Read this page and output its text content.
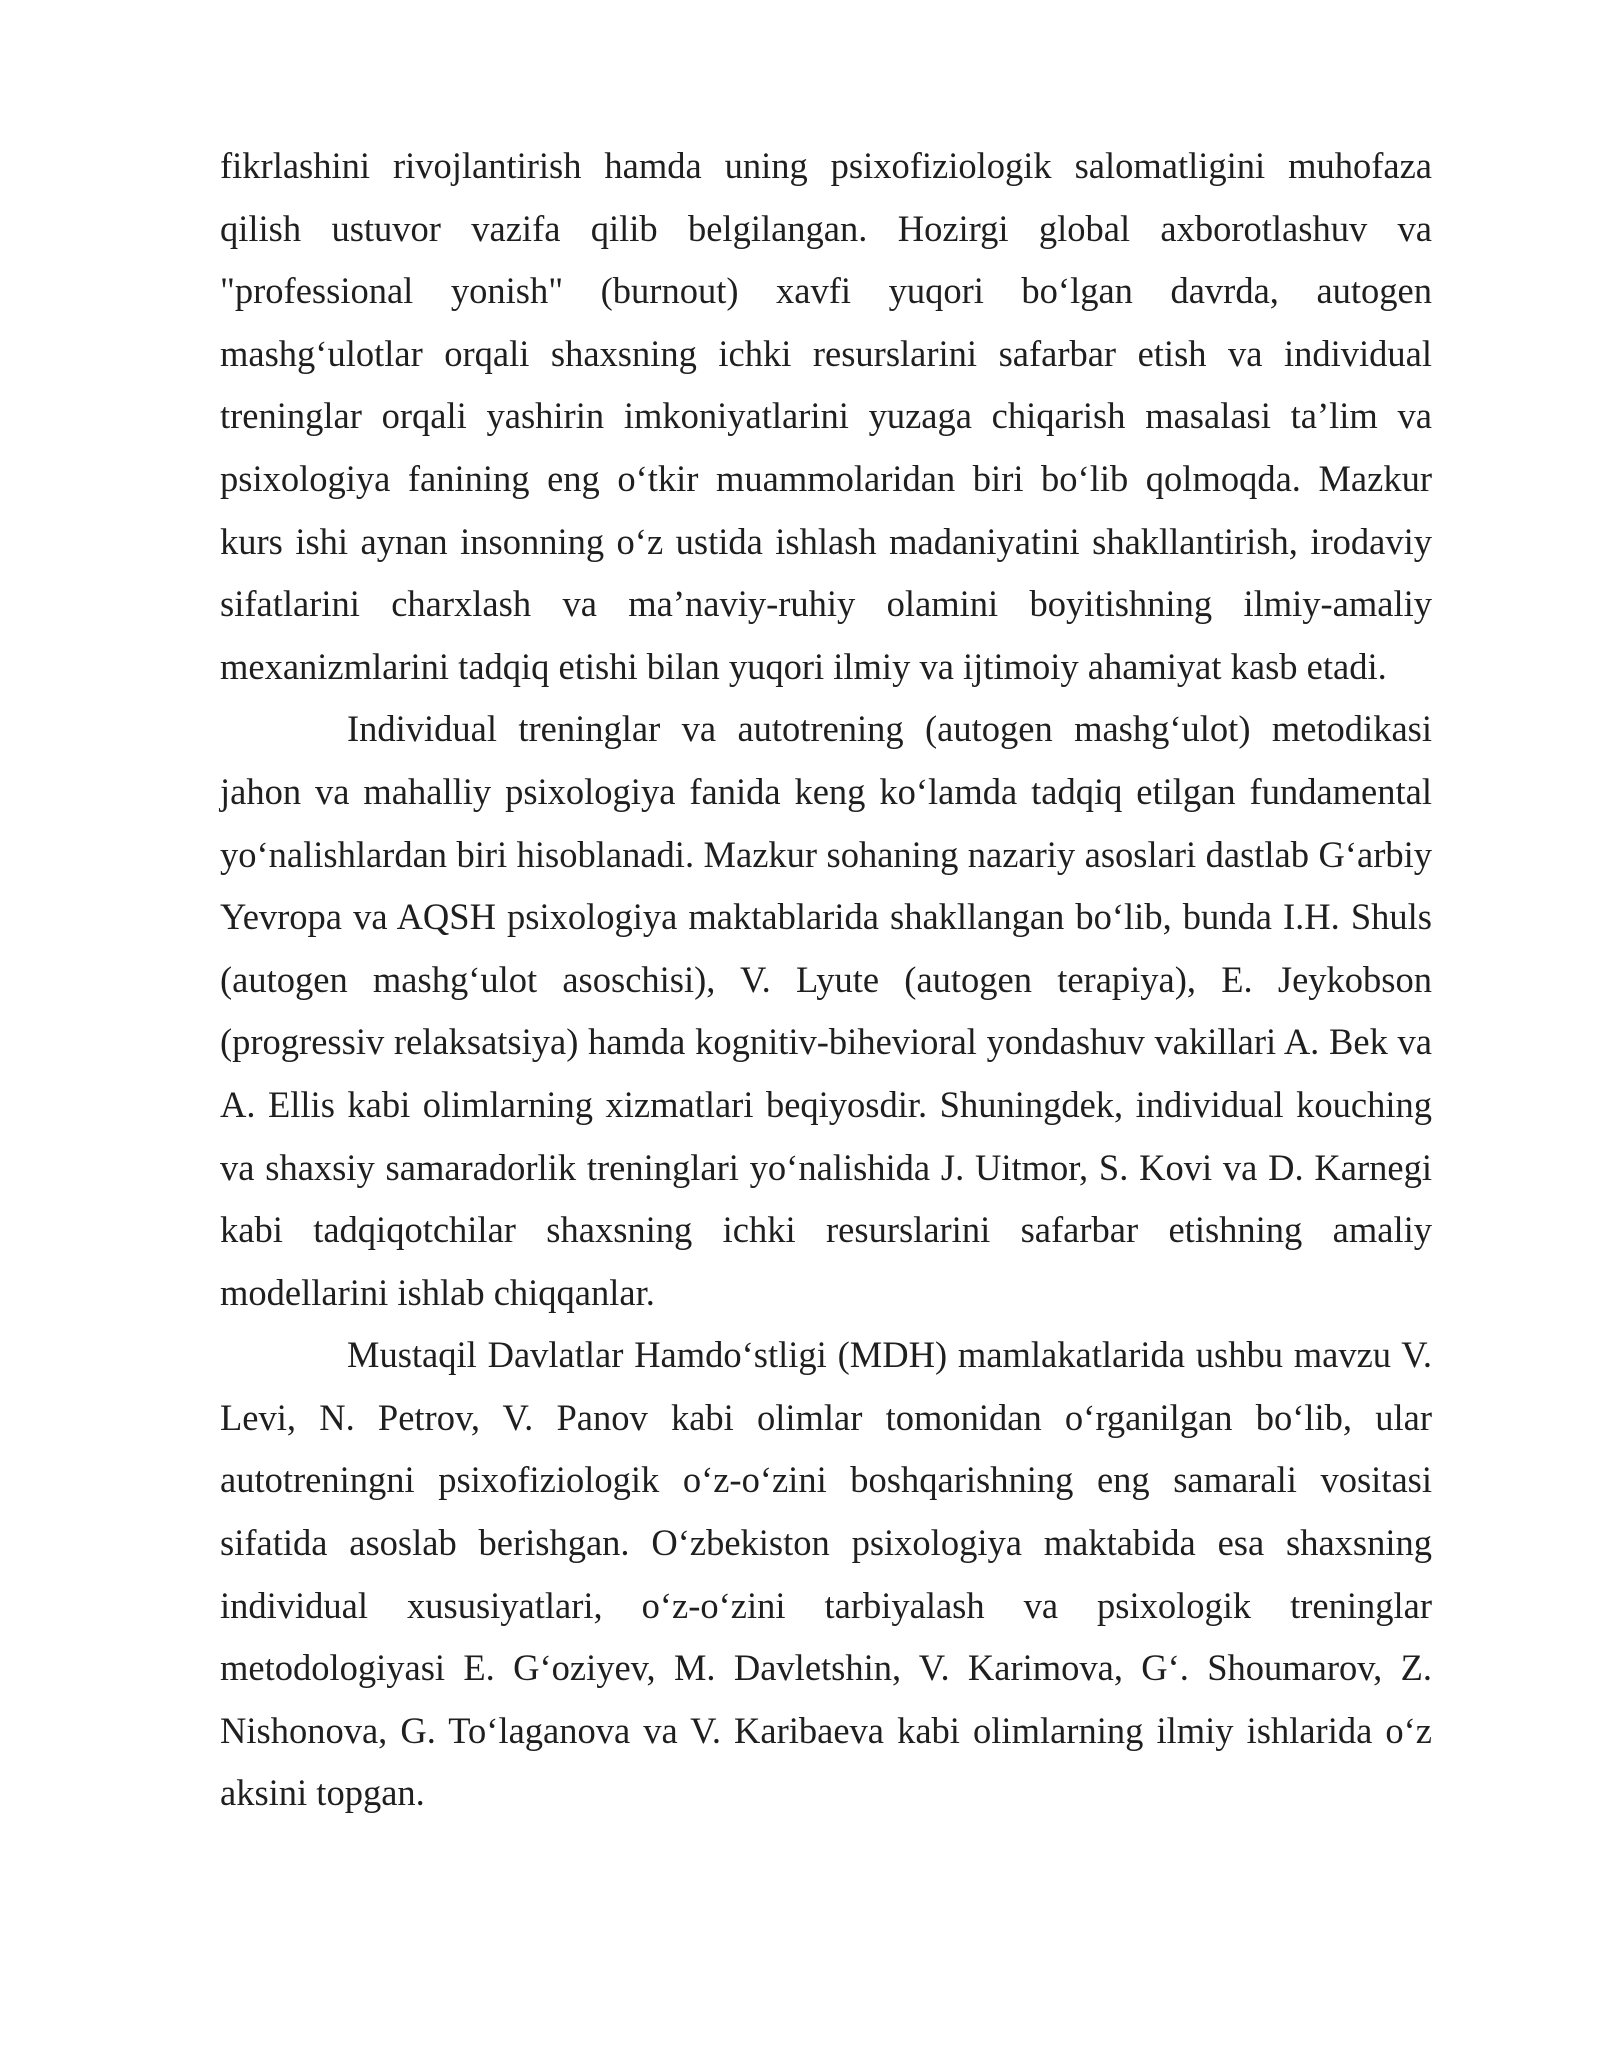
fikrlashini rivojlantirish hamda uning psixofiziologik salomatligini muhofaza qilish ustuvor vazifa qilib belgilangan. Hozirgi global axborotlashuv va "professional yonish" (burnout) xavfi yuqori boʻlgan davrda, autogen mashgʻulotlar orqali shaxsning ichki resurslarini safarbar etish va individual treninglar orqali yashirin imkoniyatlarini yuzaga chiqarish masalasi taʼlim va psixologiya fanining eng oʻtkir muammolaridan biri boʻlib qolmoqda. Mazkur kurs ishi aynan insonning oʻz ustida ishlash madaniyatini shakllantirish, irodaviy sifatlarini charxlash va maʼnaviy-ruhiy olamini boyitishning ilmiy-amaliy mexanizmlarini tadqiq etishi bilan yuqori ilmiy va ijtimoiy ahamiyat kasb etadi.

Individual treninglar va autotrening (autogen mashgʻulot) metodikasi jahon va mahalliy psixologiya fanida keng koʻlamda tadqiq etilgan fundamental yoʻnalishlardan biri hisoblanadi. Mazkur sohaning nazariy asoslari dastlab Gʻarbiy Yevropa va AQSH psixologiya maktablarida shakllangan boʻlib, bunda I.H. Shuls (autogen mashgʻulot asoschisi), V. Lyute (autogen terapiya), E. Jeykobson (progressiv relaksatsiya) hamda kognitiv-bihevioral yondashuv vakillari A. Bek va A. Ellis kabi olimlarning xizmatlari beqiyosdir. Shuningdek, individual kouching va shaxsiy samaradorlik treninglari yoʻnalishida J. Uitmor, S. Kovi va D. Karnegi kabi tadqiqotchilar shaxsning ichki resurslarini safarbar etishning amaliy modellarini ishlab chiqqanlar.

Mustaqil Davlatlar Hamdoʻstligi (MDH) mamlakatlarida ushbu mavzu V. Levi, N. Petrov, V. Panov kabi olimlar tomonidan oʻrganilgan boʻlib, ular autotreningni psixofiziologik oʻz-oʻzini boshqarishning eng samarali vositasi sifatida asoslab berishgan. Oʻzbekiston psixologiya maktabida esa shaxsning individual xususiyatlari, oʻz-oʻzini tarbiyalash va psixologik treninglar metodologiyasi E. Gʻoziyev, M. Davletshin, V. Karimova, Gʻ. Shoumarov, Z. Nishonova, G. Toʻlaganova va V. Karibaeva kabi olimlarning ilmiy ishlarida oʻz aksini topgan.
